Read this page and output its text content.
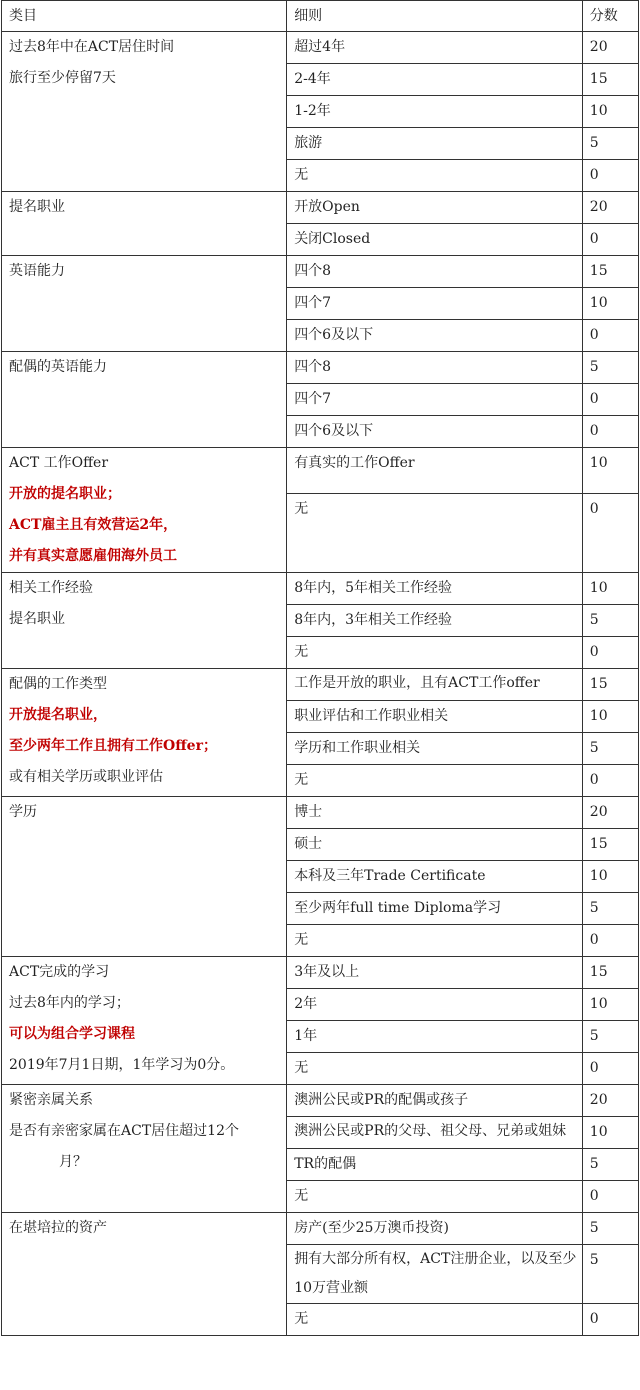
类目	细则	分数

过去8年中在ACT居住时间
旅行至少停留7天	超过4年	20
	2-4年	15
	1-2年	10
	旅游	5
	无	0

提名职业	开放Open	20
	关闭Closed	0

英语能力	四个8	15
	四个7	10
	四个6及以下	0

配偶的英语能力	四个8	5
	四个7	0
	四个6及以下	0

ACT 工作Offer
开放的提名职业；
ACT雇主且有效营运2年，
并有真实意愿雇佣海外员工	有真实的工作Offer	10
	无	0

相关工作经验
提名职业	8年内，5年相关工作经验	10
	8年内，3年相关工作经验	5
	无	0

配偶的工作类型
开放提名职业，
至少两年工作且拥有工作Offer；
或有相关学历或职业评估	工作是开放的职业，且有ACT工作offer	15
	职业评估和工作职业相关	10
	学历和工作职业相关	5
	无	0

学历	博士	20
	硕士	15
	本科及三年Trade Certificate	10
	至少两年full time Diploma学习	5
	无	0

ACT完成的学习
过去8年内的学习；
可以为组合学习课程
2019年7月1日期，1年学习为0分。	3年及以上	15
	2年	10
	1年	5
	无	0

紧密亲属关系
是否有亲密家属在ACT居住超过12个
月？	澳洲公民或PR的配偶或孩子	20
	澳洲公民或PR的父母、祖父母、兄弟或姐妹	10
	TR的配偶	5
	无	0

在堪培拉的资产	房产(至少25万澳币投资)	5
	拥有大部分所有权，ACT注册企业，以及至少10万营业额	5
	无	0
